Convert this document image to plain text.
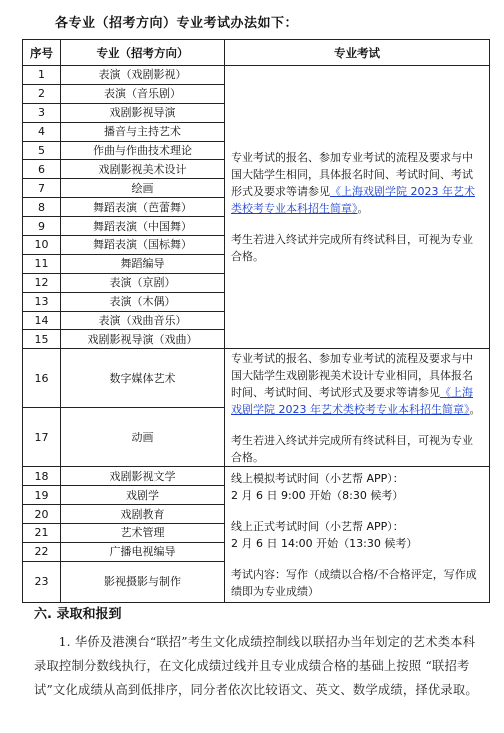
各专业（招考方向）专业考试办法如下：
序号	专业（招考方向）	专业考试
1	表演（戏剧影视）	专业考试的报名、参加专业考试的流程及要求与中国大陆学生相同，具体报名时间、考试时间、考试形式及要求等请参见《上海戏剧学院 2023 年艺术类校考专业本科招生简章》。
考生若进入终试并完成所有终试科目，可视为专业合格。
2	表演（音乐剧）	
3	戏剧影视导演	
4	播音与主持艺术	
5	作曲与作曲技术理论	
6	戏剧影视美术设计	
7	绘画	
8	舞蹈表演（芭蕾舞）	
9	舞蹈表演（中国舞）	
10	舞蹈表演（国标舞）	
11	舞蹈编导	
12	表演（京剧）	
13	表演（木偶）	
14	表演（戏曲音乐）	
15	戏剧影视导演（戏曲）	
16	数字媒体艺术	专业考试的报名、参加专业考试的流程及要求与中国大陆学生戏剧影视美术设计专业相同，具体报名时间、考试时间、考试形式及要求等请参见《上海戏剧学院 2023 年艺术类校考专业本科招生简章》。
考生若进入终试并完成所有终试科目，可视为专业合格。
17	动画	
18	戏剧影视文学	线上模拟考试时间（小艺帮 APP）：
2 月 6 日 9:00 开始（8:30 候考）
线上正式考试时间（小艺帮 APP）：
2 月 6 日 14:00 开始（13:30 候考）
考试内容：写作（成绩以合格/不合格评定，写作成绩即为专业成绩）
19	戏剧学	
20	戏剧教育	
21	艺术管理	
22	广播电视编导	
23	影视摄影与制作	
六. 录取和报到
1. 华侨及港澳台“联招”考生文化成绩控制线以联招办当年划定的艺术类本科录取控制分数线执行，在文化成绩过线并且专业成绩合格的基础上按照 “联招考试”文化成绩从高到低排序，同分者依次比较语文、英文、数学成绩，择优录取。
